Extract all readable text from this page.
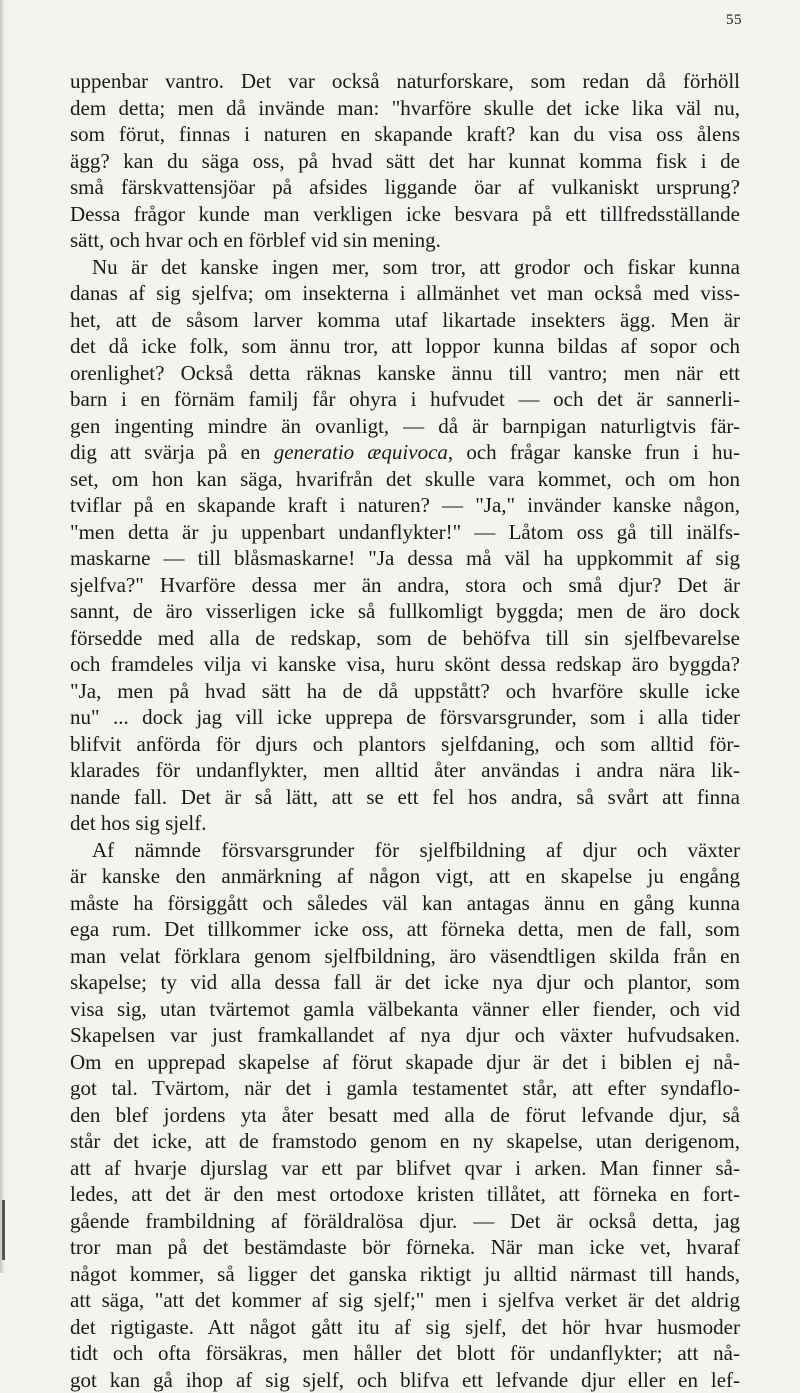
55
uppenbar vantro. Det var också naturforskare, som redan då förhöll
dem detta; men då invände man: "hvarföre skulle det icke lika väl nu,
som förut, finnas i naturen en skapande kraft? kan du visa oss ålens
ägg? kan du säga oss, på hvad sätt det har kunnat komma fisk i de
små färskvattensjöar på afsides liggande öar af vulkaniskt ursprung?
Dessa frågor kunde man verkligen icke besvara på ett tillfredsställande
sätt, och hvar och en förblef vid sin mening.
Nu är det kanske ingen mer, som tror, att grodor och fiskar kunna
danas af sig sjelfva; om insekterna i allmänhet vet man också med viss-
het, att de såsom larver komma utaf likartade insekters ägg. Men är
det då icke folk, som ännu tror, att loppor kunna bildas af sopor och
orenlighet? Också detta räknas kanske ännu till vantro; men när ett
barn i en förnäm familj får ohyra i hufvudet — och det är sannerli-
gen ingenting mindre än ovanligt, — då är barnpigan naturligtvis fär-
dig att svärja på en generatio æquivoca, och frågar kanske frun i hu-
set, om hon kan säga, hvarifrån det skulle vara kommet, och om hon
tviflar på en skapande kraft i naturen? — "Ja," invänder kanske någon,
"men detta är ju uppenbart undanflykter!" — Låtom oss gå till inälfs-
maskarne — till blåsmaskarne! "Ja dessa må väl ha uppkommit af sig
sjelfva?" Hvarföre dessa mer än andra, stora och små djur? Det är
sannt, de äro visserligen icke så fullkomligt byggda; men de äro dock
försedde med alla de redskap, som de behöfva till sin sjelfbevarelse
och framdeles vilja vi kanske visa, huru skönt dessa redskap äro byggda?
"Ja, men på hvad sätt ha de då uppstått? och hvarföre skulle icke
nu" ... dock jag vill icke upprepa de försvarsgrunder, som i alla tider
blifvit anförda för djurs och plantors sjelfdaning, och som alltid för-
klarades för undanflykter, men alltid åter användas i andra nära lik-
nande fall. Det är så lätt, att se ett fel hos andra, så svårt att finna
det hos sig sjelf.
Af nämnde försvarsgrunder för sjelfbildning af djur och växter
är kanske den anmärkning af någon vigt, att en skapelse ju engång
måste ha försiggått och således väl kan antagas ännu en gång kunna
ega rum. Det tillkommer icke oss, att förneka detta, men de fall, som
man velat förklara genom sjelfbildning, äro väsendtligen skilda från en
skapelse; ty vid alla dessa fall är det icke nya djur och plantor, som
visa sig, utan tvärtemot gamla välbekanta vänner eller fiender, och vid
Skapelsen var just framkallandet af nya djur och växter hufvudsaken.
Om en upprepad skapelse af förut skapade djur är det i biblen ej nå-
got tal. Tvärtom, när det i gamla testamentet står, att efter syndaflo-
den blef jordens yta åter besatt med alla de förut lefvande djur, så
står det icke, att de framstodo genom en ny skapelse, utan derigenom,
att af hvarje djurslag var ett par blifvet qvar i arken. Man finner så-
ledes, att det är den mest ortodoxe kristen tillåtet, att förneka en fort-
gående frambildning af föräldralösa djur. — Det är också detta, jag
tror man på det bestämdaste bör förneka. När man icke vet, hvaraf
något kommer, så ligger det ganska riktigt ju alltid närmast till hands,
att säga, "att det kommer af sig sjelf;" men i sjelfva verket är det aldrig
det rigtigaste. Att något gått itu af sig sjelf, det hör hvar husmoder
tidt och ofta försäkras, men håller det blott för undanflykter; att nå-
got kan gå ihop af sig sjelf, och blifva ett lefvande djur eller en lef-
